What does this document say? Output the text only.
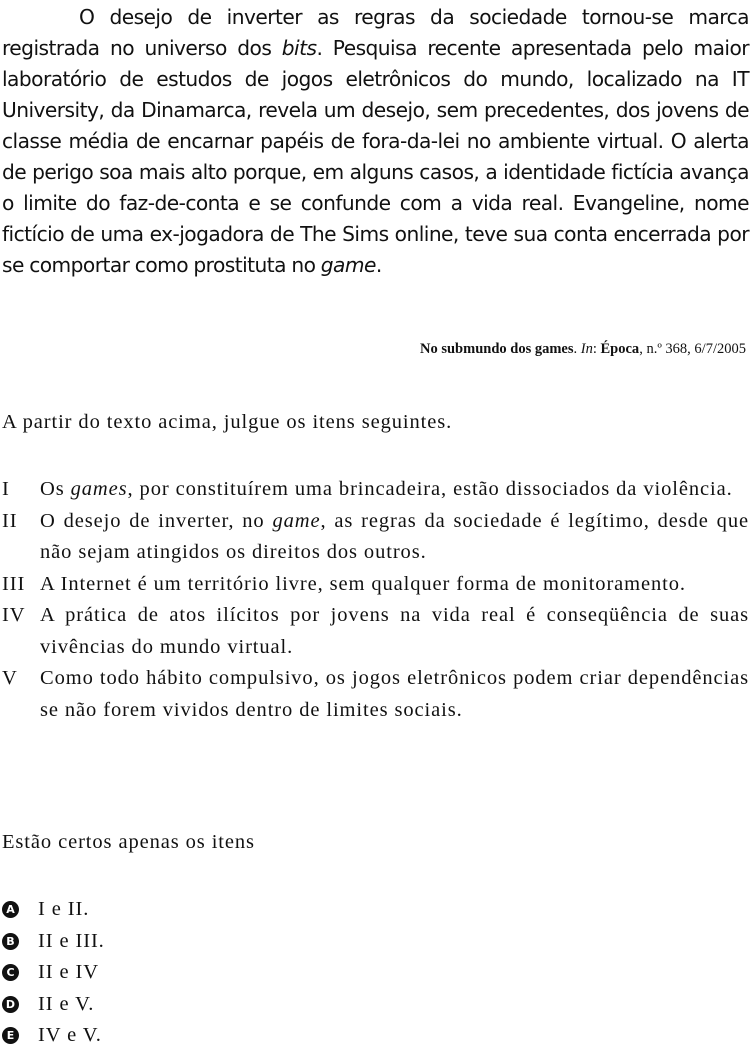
O desejo de inverter as regras da sociedade tornou-se marca registrada no universo dos bits. Pesquisa recente apresentada pelo maior laboratório de estudos de jogos eletrônicos do mundo, localizado na IT University, da Dinamarca, revela um desejo, sem precedentes, dos jovens de classe média de encarnar papéis de fora-da-lei no ambiente virtual. O alerta de perigo soa mais alto porque, em alguns casos, a identidade fictícia avança o limite do faz-de-conta e se confunde com a vida real. Evangeline, nome fictício de uma ex-jogadora de The Sims online, teve sua conta encerrada por se comportar como prostituta no game.

No submundo dos games. In: Época, n.º 368, 6/7/2005

A partir do texto acima, julgue os itens seguintes.

I Os games, por constituírem uma brincadeira, estão dissociados da violência.

II O desejo de inverter, no game, as regras da sociedade é legítimo, desde que não sejam atingidos os direitos dos outros.

III A Internet é um território livre, sem qualquer forma de monitoramento.

IV A prática de atos ilícitos por jovens na vida real é conseqüência de suas vivências do mundo virtual.

V Como todo hábito compulsivo, os jogos eletrônicos podem criar dependências se não forem vividos dentro de limites sociais.

Estão certos apenas os itens

A I e II.
B II e III.
C II e IV
D II e V.
E IV e V.
